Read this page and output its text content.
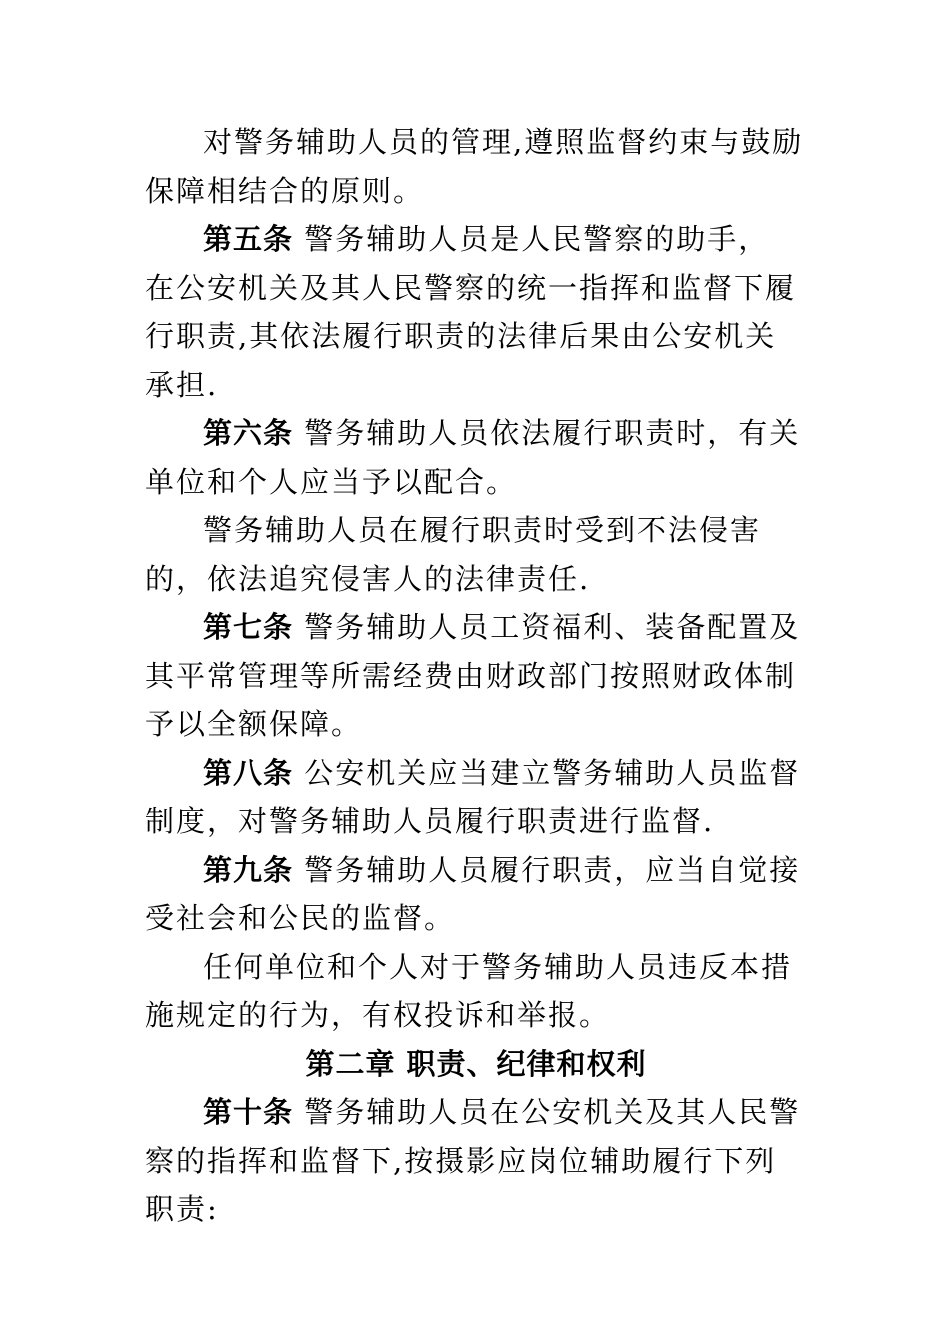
对警务辅助人员的管理,遵照监督约束与鼓励保障相结合的原则。

第五条 警务辅助人员是人民警察的助手， 在公安机关及其人民警察的统一指挥和监督下履行职责,其依法履行职责的法律后果由公安机关承担.

第六条 警务辅助人员依法履行职责时，有关单位和个人应当予以配合。

警务辅助人员在履行职责时受到不法侵害的，依法追究侵害人的法律责任.

第七条 警务辅助人员工资福利、装备配置及其平常管理等所需经费由财政部门按照财政体制予以全额保障。

第八条 公安机关应当建立警务辅助人员监督制度，对警务辅助人员履行职责进行监督.

第九条 警务辅助人员履行职责，应当自觉接受社会和公民的监督。

任何单位和个人对于警务辅助人员违反本措施规定的行为，有权投诉和举报。

第二章 职责、纪律和权利

第十条 警务辅助人员在公安机关及其人民警察的指挥和监督下,按摄影应岗位辅助履行下列职责:
